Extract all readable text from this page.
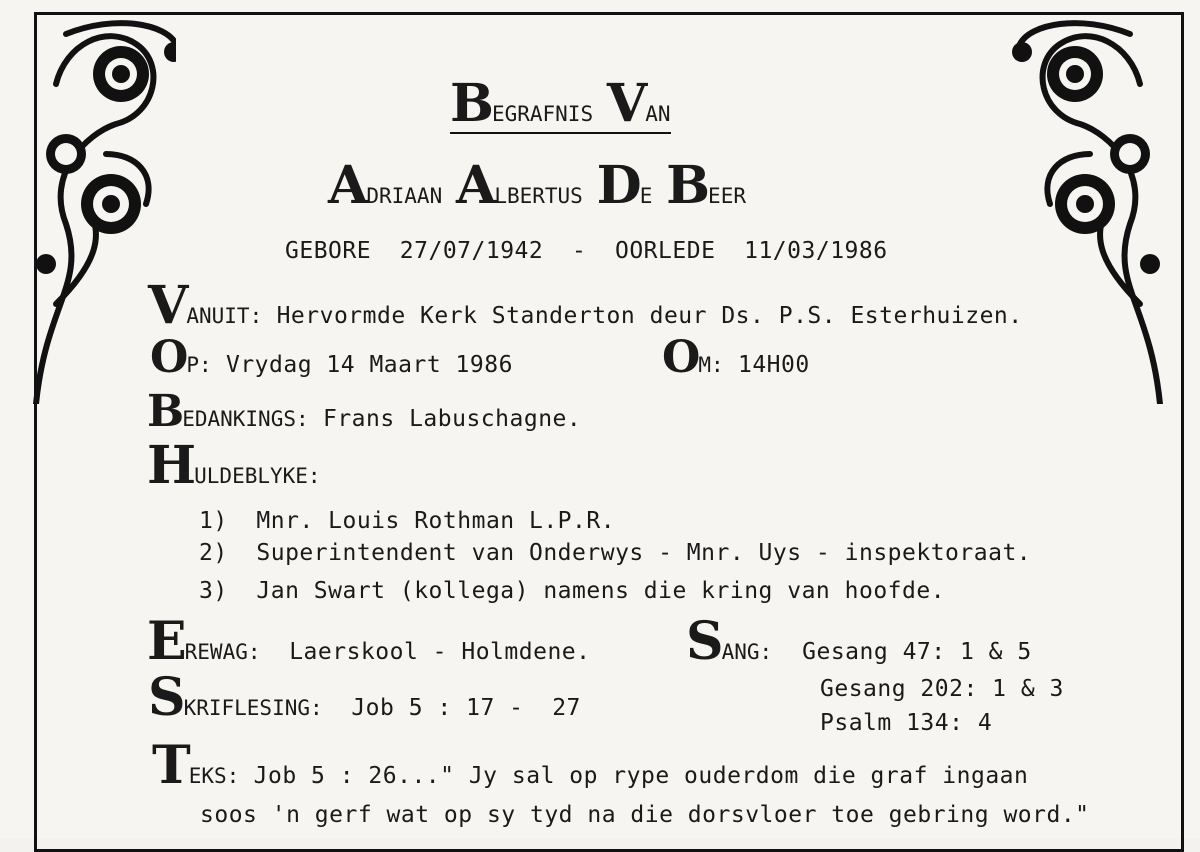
BEGRAFNIS VAN
ADRIAAN ALBERTUS DE BEER
GEBORE  27/07/1942  -  OORLEDE  11/03/1986
VANUIT: Hervormde Kerk Standerton deur Ds. P.S. Esterhuizen.
OP: Vrydag 14 Maart 1986	OM: 14H00
BEDANKINGS: Frans Labuschagne.
HULDEBLYKE:
1)  Mnr. Louis Rothman L.P.R.
2)  Superintendent van Onderwys - Mnr. Uys - inspektoraat.
3)  Jan Swart (kollega) namens die kring van hoofde.
EREWAG:  Laerskool - Holmdene. SANG: Gesang 47: 1 & 5
Gesang 202: 1 & 3
Psalm 134: 4
SKRIFLESING:  Job 5 : 17 -  27
TEKS: Job 5 : 26..." Jy sal op rype ouderdom die graf ingaan
soos 'n gerf wat op sy tyd na die dorsvloer toe gebring word."
